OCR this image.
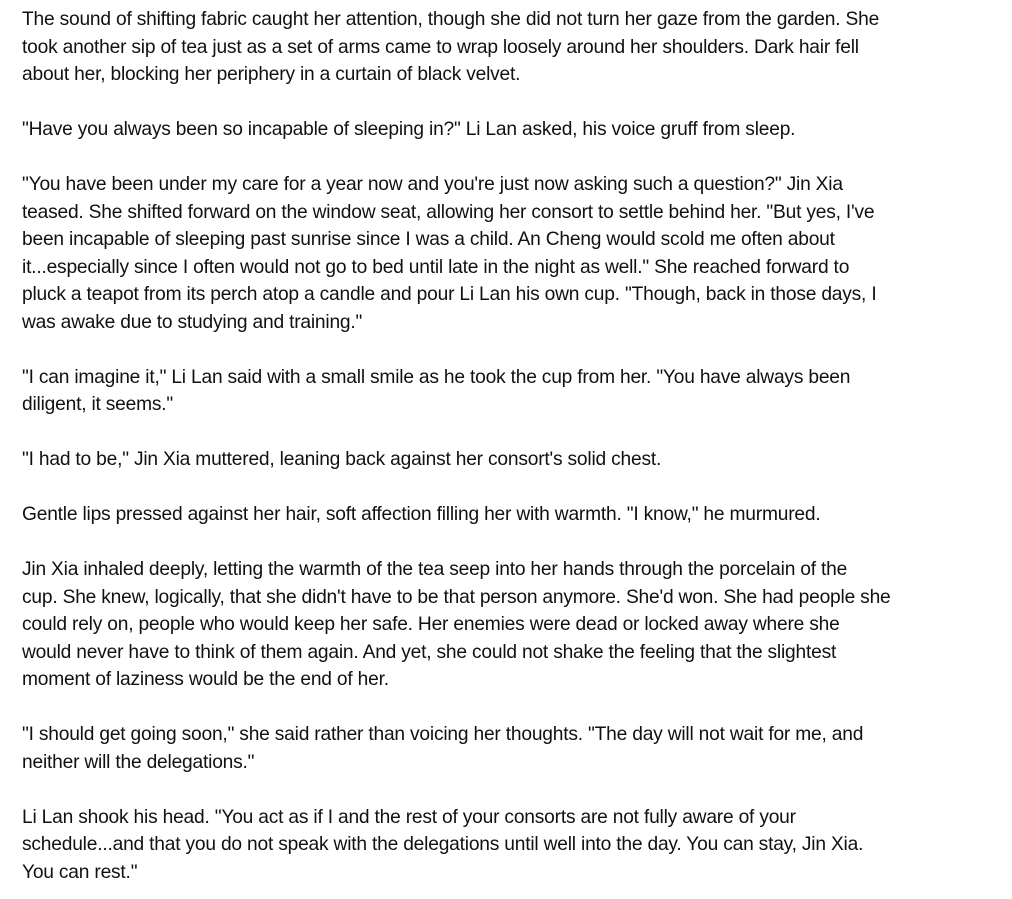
The sound of shifting fabric caught her attention, though she did not turn her gaze from the garden. She
took another sip of tea just as a set of arms came to wrap loosely around her shoulders. Dark hair fell
about her, blocking her periphery in a curtain of black velvet.

"Have you always been so incapable of sleeping in?" Li Lan asked, his voice gruff from sleep.

"You have been under my care for a year now and you're just now asking such a question?" Jin Xia
teased. She shifted forward on the window seat, allowing her consort to settle behind her. "But yes, I've
been incapable of sleeping past sunrise since I was a child. An Cheng would scold me often about
it...especially since I often would not go to bed until late in the night as well." She reached forward to
pluck a teapot from its perch atop a candle and pour Li Lan his own cup. "Though, back in those days, I
was awake due to studying and training."

"I can imagine it," Li Lan said with a small smile as he took the cup from her. "You have always been
diligent, it seems."

"I had to be," Jin Xia muttered, leaning back against her consort's solid chest.

Gentle lips pressed against her hair, soft affection filling her with warmth. "I know," he murmured.

Jin Xia inhaled deeply, letting the warmth of the tea seep into her hands through the porcelain of the
cup. She knew, logically, that she didn't have to be that person anymore. She'd won. She had people she
could rely on, people who would keep her safe. Her enemies were dead or locked away where she
would never have to think of them again. And yet, she could not shake the feeling that the slightest
moment of laziness would be the end of her.

"I should get going soon," she said rather than voicing her thoughts. "The day will not wait for me, and
neither will the delegations."

Li Lan shook his head. "You act as if I and the rest of your consorts are not fully aware of your
schedule...and that you do not speak with the delegations until well into the day. You can stay, Jin Xia.
You can rest."
